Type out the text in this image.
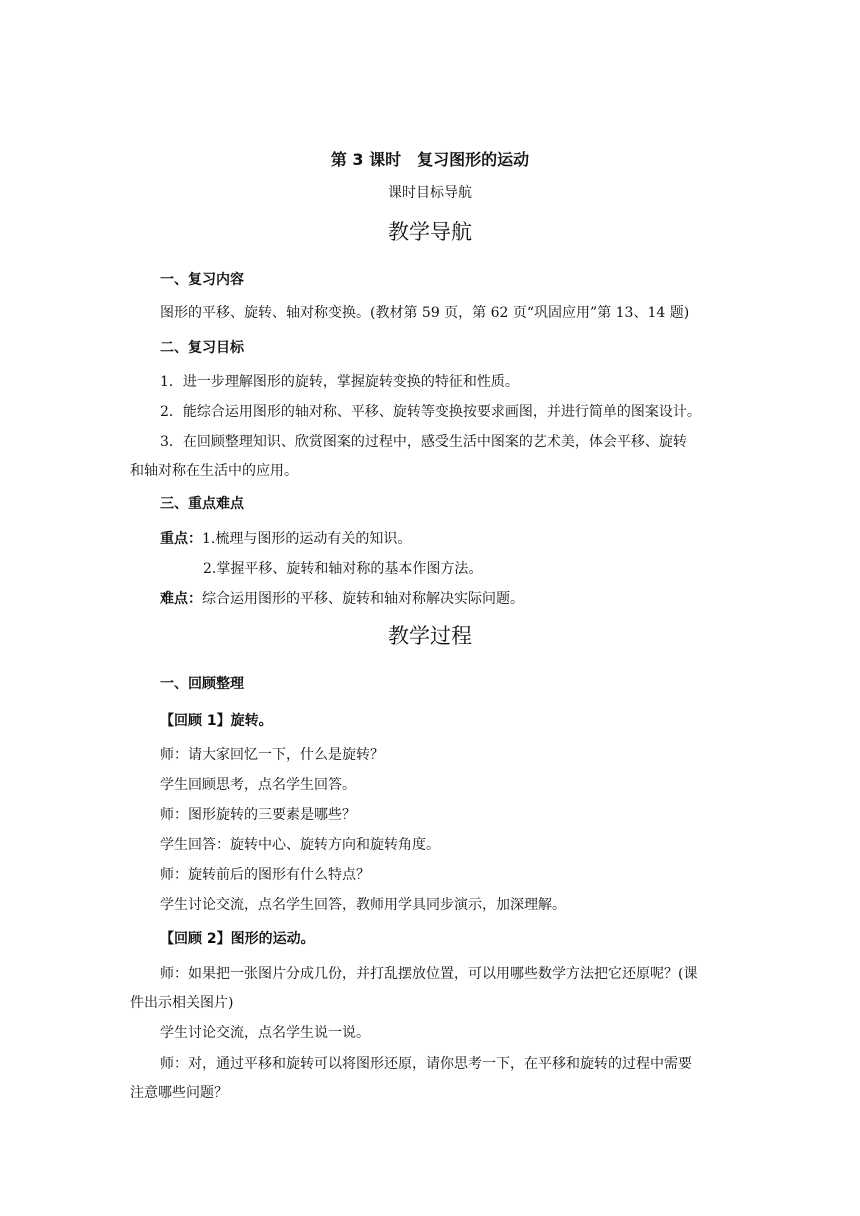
第 3 课时　复习图形的运动
课时目标导航
教学导航
一、复习内容
图形的平移、旋转、轴对称变换。(教材第 59 页，第 62 页“巩固应用”第 13、14 题)
二、复习目标
1．进一步理解图形的旋转，掌握旋转变换的特征和性质。
2．能综合运用图形的轴对称、平移、旋转等变换按要求画图，并进行简单的图案设计。
3．在回顾整理知识、欣赏图案的过程中，感受生活中图案的艺术美，体会平移、旋转
和轴对称在生活中的应用。
三、重点难点
重点：1.梳理与图形的运动有关的知识。
2.掌握平移、旋转和轴对称的基本作图方法。
难点：综合运用图形的平移、旋转和轴对称解决实际问题。
教学过程
一、回顾整理
【回顾 1】旋转。
师：请大家回忆一下，什么是旋转？
学生回顾思考，点名学生回答。
师：图形旋转的三要素是哪些？
学生回答：旋转中心、旋转方向和旋转角度。
师：旋转前后的图形有什么特点？
学生讨论交流，点名学生回答，教师用学具同步演示，加深理解。
【回顾 2】图形的运动。
师：如果把一张图片分成几份，并打乱摆放位置，可以用哪些数学方法把它还原呢？(课
件出示相关图片)
学生讨论交流，点名学生说一说。
师：对，通过平移和旋转可以将图形还原，请你思考一下，在平移和旋转的过程中需要
注意哪些问题？
